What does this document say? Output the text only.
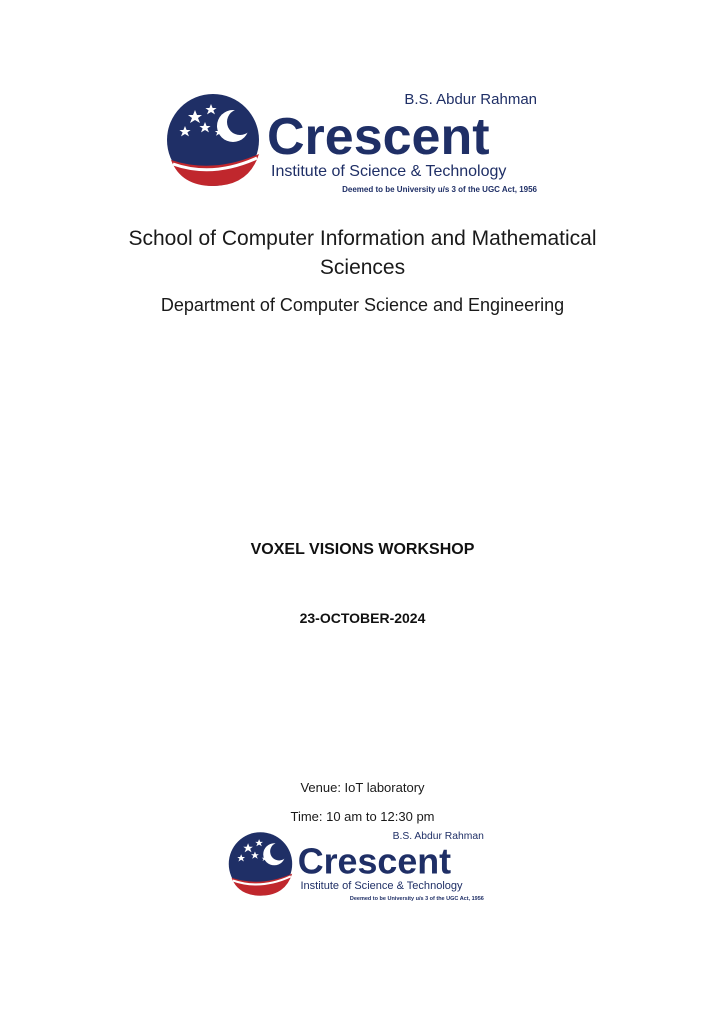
B.S. Abdur Rahman
Crescent
Institute of Science & Technology
Deemed to be University u/s 3 of the UGC Act, 1956
School of Computer Information and Mathematical Sciences
Department of Computer Science and Engineering
VOXEL VISIONS WORKSHOP
23-OCTOBER-2024
Venue: IoT laboratory
Time: 10 am to 12:30 pm
B.S. Abdur Rahman
Crescent
Institute of Science & Technology
Deemed to be University u/s 3 of the UGC Act, 1956
